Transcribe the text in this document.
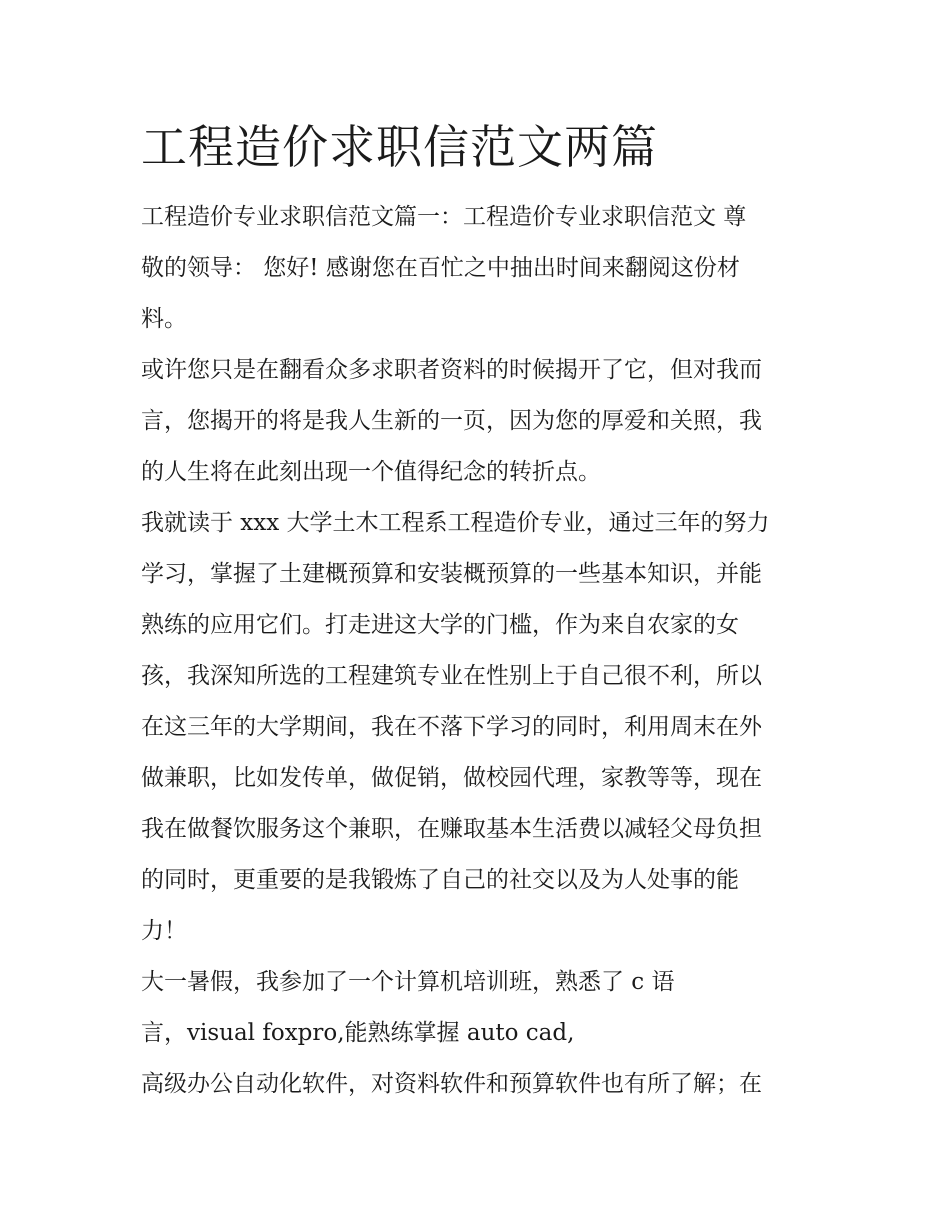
工程造价求职信范文两篇

工程造价专业求职信范文篇一：工程造价专业求职信范文 尊
敬的领导： 您好! 感谢您在百忙之中抽出时间来翻阅这份材
料。

或许您只是在翻看众多求职者资料的时候揭开了它，但对我而
言，您揭开的将是我人生新的一页，因为您的厚爱和关照，我
的人生将在此刻出现一个值得纪念的转折点。

我就读于 xxx 大学土木工程系工程造价专业，通过三年的努力
学习，掌握了土建概预算和安装概预算的一些基本知识，并能
熟练的应用它们。打走进这大学的门槛，作为来自农家的女
孩，我深知所选的工程建筑专业在性别上于自己很不利，所以
在这三年的大学期间，我在不落下学习的同时，利用周末在外
做兼职，比如发传单，做促销，做校园代理，家教等等，现在
我在做餐饮服务这个兼职，在赚取基本生活费以减轻父母负担
的同时，更重要的是我锻炼了自己的社交以及为人处事的能
力！

大一暑假，我参加了一个计算机培训班，熟悉了 c 语

言，visual foxpro,能熟练掌握 auto cad,

高级办公自动化软件，对资料软件和预算软件也有所了解；在
